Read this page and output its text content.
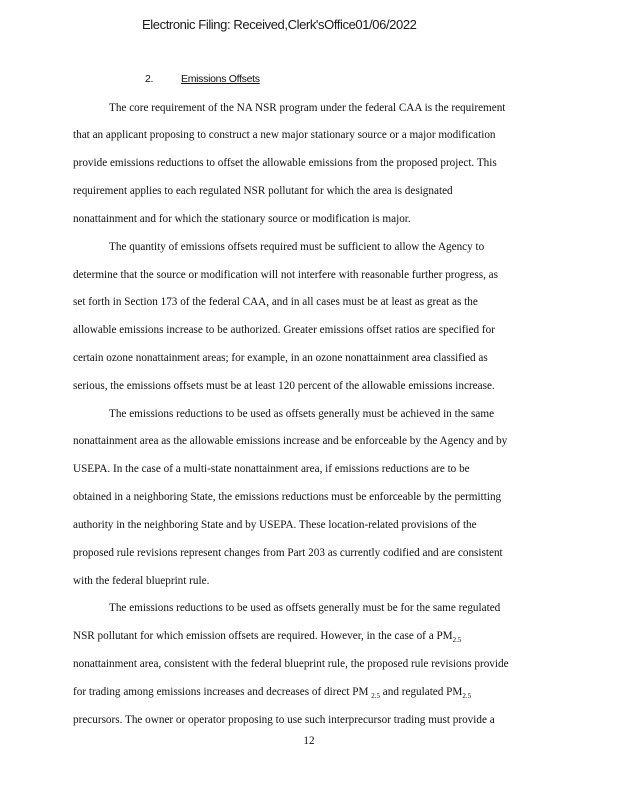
Electronic Filing: Received,Clerk'sOffice01/06/2022
2.	Emissions Offsets
The core requirement of the NA NSR program under the federal CAA is the requirement
that an applicant proposing to construct a new major stationary source or a major modification
provide emissions reductions to offset the allowable emissions from the proposed project. This
requirement applies to each regulated NSR pollutant for which the area is designated
nonattainment and for which the stationary source or modification is major.
The quantity of emissions offsets required must be sufficient to allow the Agency to
determine that the source or modification will not interfere with reasonable further progress, as
set forth in Section 173 of the federal CAA, and in all cases must be at least as great as the
allowable emissions increase to be authorized. Greater emissions offset ratios are specified for
certain ozone nonattainment areas; for example, in an ozone nonattainment area classified as
serious, the emissions offsets must be at least 120 percent of the allowable emissions increase.
The emissions reductions to be used as offsets generally must be achieved in the same
nonattainment area as the allowable emissions increase and be enforceable by the Agency and by
USEPA. In the case of a multi-state nonattainment area, if emissions reductions are to be
obtained in a neighboring State, the emissions reductions must be enforceable by the permitting
authority in the neighboring State and by USEPA. These location-related provisions of the
proposed rule revisions represent changes from Part 203 as currently codified and are consistent
with the federal blueprint rule.
The emissions reductions to be used as offsets generally must be for the same regulated
NSR pollutant for which emission offsets are required. However, in the case of a $PM_{2.5}$
nonattainment area, consistent with the federal blueprint rule, the proposed rule revisions provide
for trading among emissions increases and decreases of direct PM $_{2.5}$ and regulated $PM_{2.5}$
precursors. The owner or operator proposing to use such interprecursor trading must provide a
12
